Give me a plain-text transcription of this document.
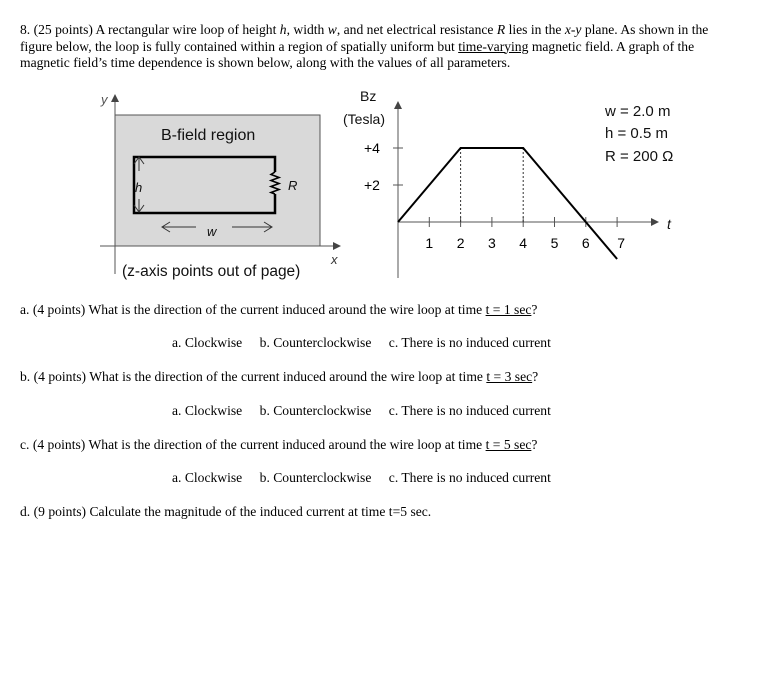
8. (25 points) A rectangular wire loop of height h, width w, and net electrical resistance R lies in the x-y plane. As shown in the figure below, the loop is fully contained within a region of spatially uniform but time-varying magnetic field. A graph of the magnetic field’s time dependence is shown below, along with the values of all parameters.
y
x
B-field region
R
h
w
(z-axis points out of page)
Bz
(Tesla)
t
1 2 3 4 5 6 7
+4
+2
w = 2.0 m
h = 0.5 m
R = 200 Ω
a. (4 points) What is the direction of the current induced around the wire loop at time t = 1 sec?
a. Clockwise b. Counterclockwise c. There is no induced current
b. (4 points) What is the direction of the current induced around the wire loop at time t = 3 sec?
a. Clockwise b. Counterclockwise c. There is no induced current
c. (4 points) What is the direction of the current induced around the wire loop at time t = 5 sec?
a. Clockwise b. Counterclockwise c. There is no induced current
d. (9 points) Calculate the magnitude of the induced current at time t=5 sec.
